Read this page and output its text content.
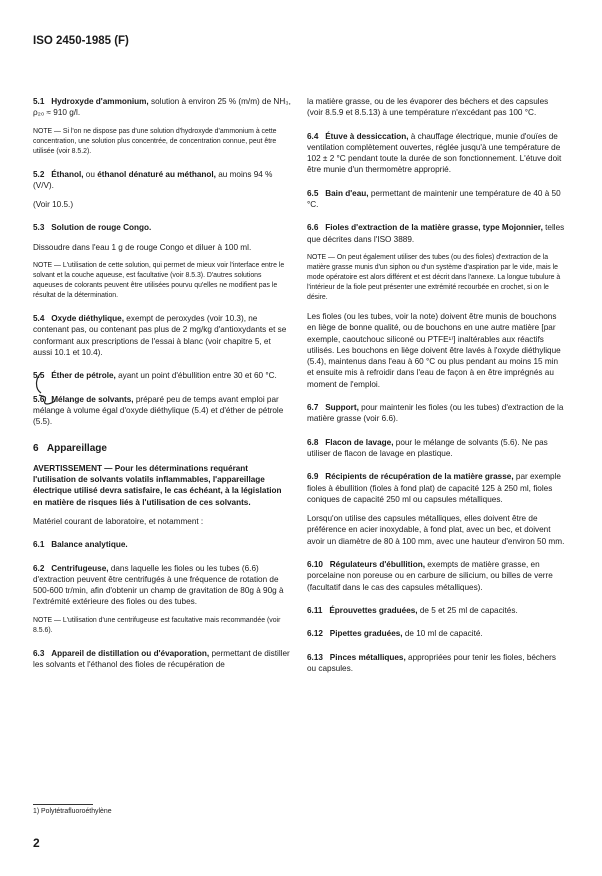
ISO 2450-1985 (F)

5.1 Hydroxyde d'ammonium, solution à environ 25 % (m/m) de NH₃, ρ₂₀ ≈ 910 g/l.

NOTE — Si l'on ne dispose pas d'une solution d'hydroxyde d'ammonium à cette concentration, une solution plus concentrée, de concentration connue, peut être utilisée (voir 8.5.2).

5.2 Éthanol, ou éthanol dénaturé au méthanol, au moins 94 % (V/V).

(Voir 10.5.)

5.3 Solution de rouge Congo.

Dissoudre dans l'eau 1 g de rouge Congo et diluer à 100 ml.

NOTE — L'utilisation de cette solution, qui permet de mieux voir l'interface entre le solvant et la couche aqueuse, est facultative (voir 8.5.3). D'autres solutions aqueuses de colorants peuvent être utilisées pourvu qu'elles ne modifient pas le résultat de la détermination.

5.4 Oxyde diéthylique, exempt de peroxydes (voir 10.3), ne contenant pas, ou contenant pas plus de 2 mg/kg d'antioxydants et se conformant aux prescriptions de l'essai à blanc (voir chapitre 5, et aussi 10.1 et 10.4).

5.5 Éther de pétrole, ayant un point d'ébullition entre 30 et 60 °C.

5.6 Mélange de solvants, préparé peu de temps avant emploi par mélange à volume égal d'oxyde diéthylique (5.4) et d'éther de pétrole (5.5).

6 Appareillage

AVERTISSEMENT — Pour les déterminations requérant l'utilisation de solvants volatils inflammables, l'appareillage électrique utilisé devra satisfaire, le cas échéant, à la législation en matière de risques liés à l'utilisation de ces solvants.

Matériel courant de laboratoire, et notamment :

6.1 Balance analytique.

6.2 Centrifugeuse, dans laquelle les fioles ou les tubes (6.6) d'extraction peuvent être centrifugés à une fréquence de rotation de 500-600 tr/min, afin d'obtenir un champ de gravitation de 80g à 90g à l'extrémité extérieure des fioles ou des tubes.

NOTE — L'utilisation d'une centrifugeuse est facultative mais recommandée (voir 8.5.6).

6.3 Appareil de distillation ou d'évaporation, permettant de distiller les solvants et l'éthanol des fioles de récupération de

la matière grasse, ou de les évaporer des béchers et des capsules (voir 8.5.9 et 8.5.13) à une température n'excédant pas 100 °C.

6.4 Étuve à dessiccation, à chauffage électrique, munie d'ouïes de ventilation complètement ouvertes, réglée jusqu'à une température de 102 ± 2 °C pendant toute la durée de son fonctionnement. L'étuve doit être munie d'un thermomètre approprié.

6.5 Bain d'eau, permettant de maintenir une température de 40 à 50 °C.

6.6 Fioles d'extraction de la matière grasse, type Mojonnier, telles que décrites dans l'ISO 3889.

NOTE — On peut également utiliser des tubes (ou des fioles) d'extraction de la matière grasse munis d'un siphon ou d'un système d'aspiration par le vide, mais le mode opératoire est alors différent et est décrit dans l'annexe. La longue tubulure à l'intérieur de la fiole peut présenter une extrémité recourbée en crochet, si on le désire.

Les fioles (ou les tubes, voir la note) doivent être munis de bouchons en liège de bonne qualité, ou de bouchons en une autre matière [par exemple, caoutchouc siliconé ou PTFE¹⁾] inaltérables aux réactifs utilisés. Les bouchons en liège doivent être lavés à l'oxyde diéthylique (5.4), maintenus dans l'eau à 60 °C ou plus pendant au moins 15 min et ensuite mis à refroidir dans l'eau de façon à en être imprégnés au moment de l'emploi.

6.7 Support, pour maintenir les fioles (ou les tubes) d'extraction de la matière grasse (voir 6.6).

6.8 Flacon de lavage, pour le mélange de solvants (5.6). Ne pas utiliser de flacon de lavage en plastique.

6.9 Récipients de récupération de la matière grasse, par exemple fioles à ébullition (fioles à fond plat) de capacité 125 à 250 ml, fioles coniques de capacité 250 ml ou capsules métalliques.

Lorsqu'on utilise des capsules métalliques, elles doivent être de préférence en acier inoxydable, à fond plat, avec un bec, et doivent avoir un diamètre de 80 à 100 mm, avec une hauteur d'environ 50 mm.

6.10 Régulateurs d'ébullition, exempts de matière grasse, en porcelaine non poreuse ou en carbure de silicium, ou billes de verre (facultatif dans le cas des capsules métalliques).

6.11 Éprouvettes graduées, de 5 et 25 ml de capacités.

6.12 Pipettes graduées, de 10 ml de capacité.

6.13 Pinces métalliques, appropriées pour tenir les fioles, béchers ou capsules.

1) Polytétrafluoroéthylène
2
